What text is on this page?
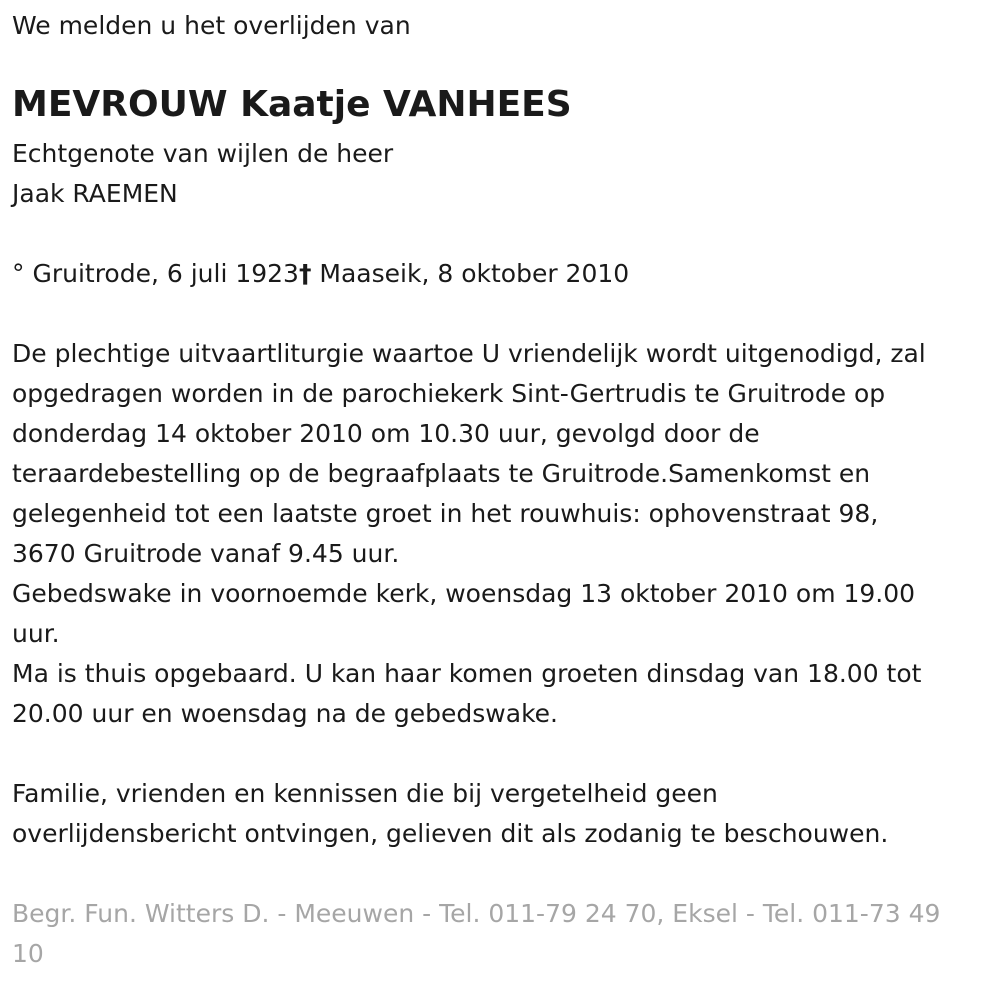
We melden u het overlijden van

MEVROUW Kaatje VANHEES

Echtgenote van wijlen de heer

Jaak RAEMEN

° Gruitrode, 6 juli 1923† Maaseik, 8 oktober 2010

De plechtige uitvaartliturgie waartoe U vriendelijk wordt uitgenodigd, zal

opgedragen worden in de parochiekerk Sint-Gertrudis te Gruitrode op

donderdag 14 oktober 2010 om 10.30 uur, gevolgd door de

teraardebestelling op de begraafplaats te Gruitrode.Samenkomst en

gelegenheid tot een laatste groet in het rouwhuis: ophovenstraat 98,

3670 Gruitrode vanaf 9.45 uur.

Gebedswake in voornoemde kerk, woensdag 13 oktober 2010 om 19.00

uur.

Ma is thuis opgebaard. U kan haar komen groeten dinsdag van 18.00 tot

20.00 uur en woensdag na de gebedswake.

Familie, vrienden en kennissen die bij vergetelheid geen

overlijdensbericht ontvingen, gelieven dit als zodanig te beschouwen.

Begr. Fun. Witters D. - Meeuwen - Tel. 011-79 24 70, Eksel - Tel. 011-73 49

10
